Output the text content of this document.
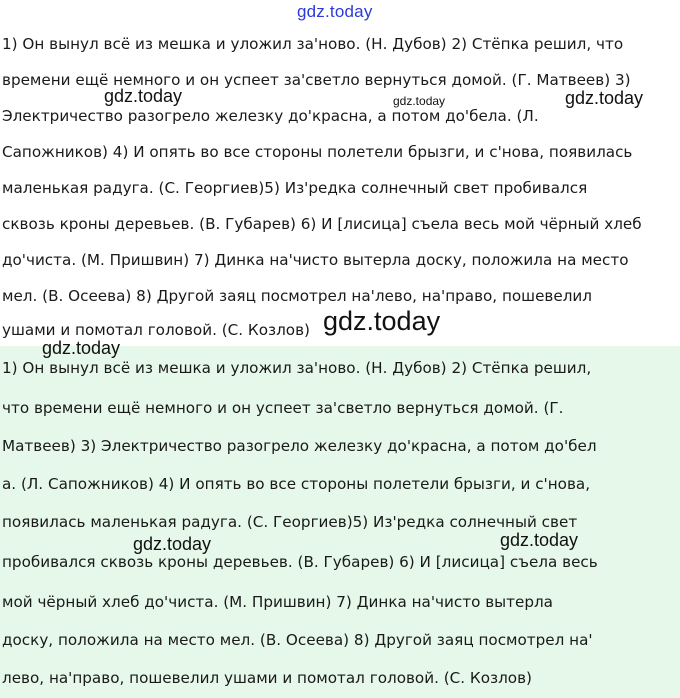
gdz.today
1) Он вынул всё из мешка и уложил за'ново. (Н. Дубов) 2) Стёпка решил, что
времени ещё немного и он успеет за'светло вернуться домой. (Г. Матвеев) 3)
Электричество разогрело железку до'красна, а потом до'бела. (Л.
Сапожников) 4) И опять во все стороны полетели брызги, и с'нова, появилась
маленькая радуга. (С. Георгиев)5) Из'редка солнечный свет пробивался
сквозь кроны деревьев. (В. Губарев) 6) И [лисица] съела весь мой чёрный хлеб
до'чиста. (М. Пришвин) 7) Динка на'чисто вытерла доску, положила на место
мел. (В. Осеева) 8) Другой заяц посмотрел на'лево, на'право, пошевелил
ушами и помотал головой. (С. Козлов)
1) Он вынул всё из мешка и уложил за'ново. (Н. Дубов) 2) Стёпка решил,
что времени ещё немного и он успеет за'светло вернуться домой. (Г.
Матвеев) 3) Электричество разогрело железку до'красна, а потом до'бел
а. (Л. Сапожников) 4) И опять во все стороны полетели брызги, и с'нова,
появилась маленькая радуга. (С. Георгиев)5) Из'редка солнечный свет
пробивался сквозь кроны деревьев. (В. Губарев) 6) И [лисица] съела весь
мой чёрный хлеб до'чиста. (М. Пришвин) 7) Динка на'чисто вытерла
доску, положила на место мел. (В. Осеева) 8) Другой заяц посмотрел на'
лево, на'право, пошевелил ушами и помотал головой. (С. Козлов)
gdz.today	gdz.today	gdz.today
gdz.today
gdz.today
gdz.today	gdz.today
